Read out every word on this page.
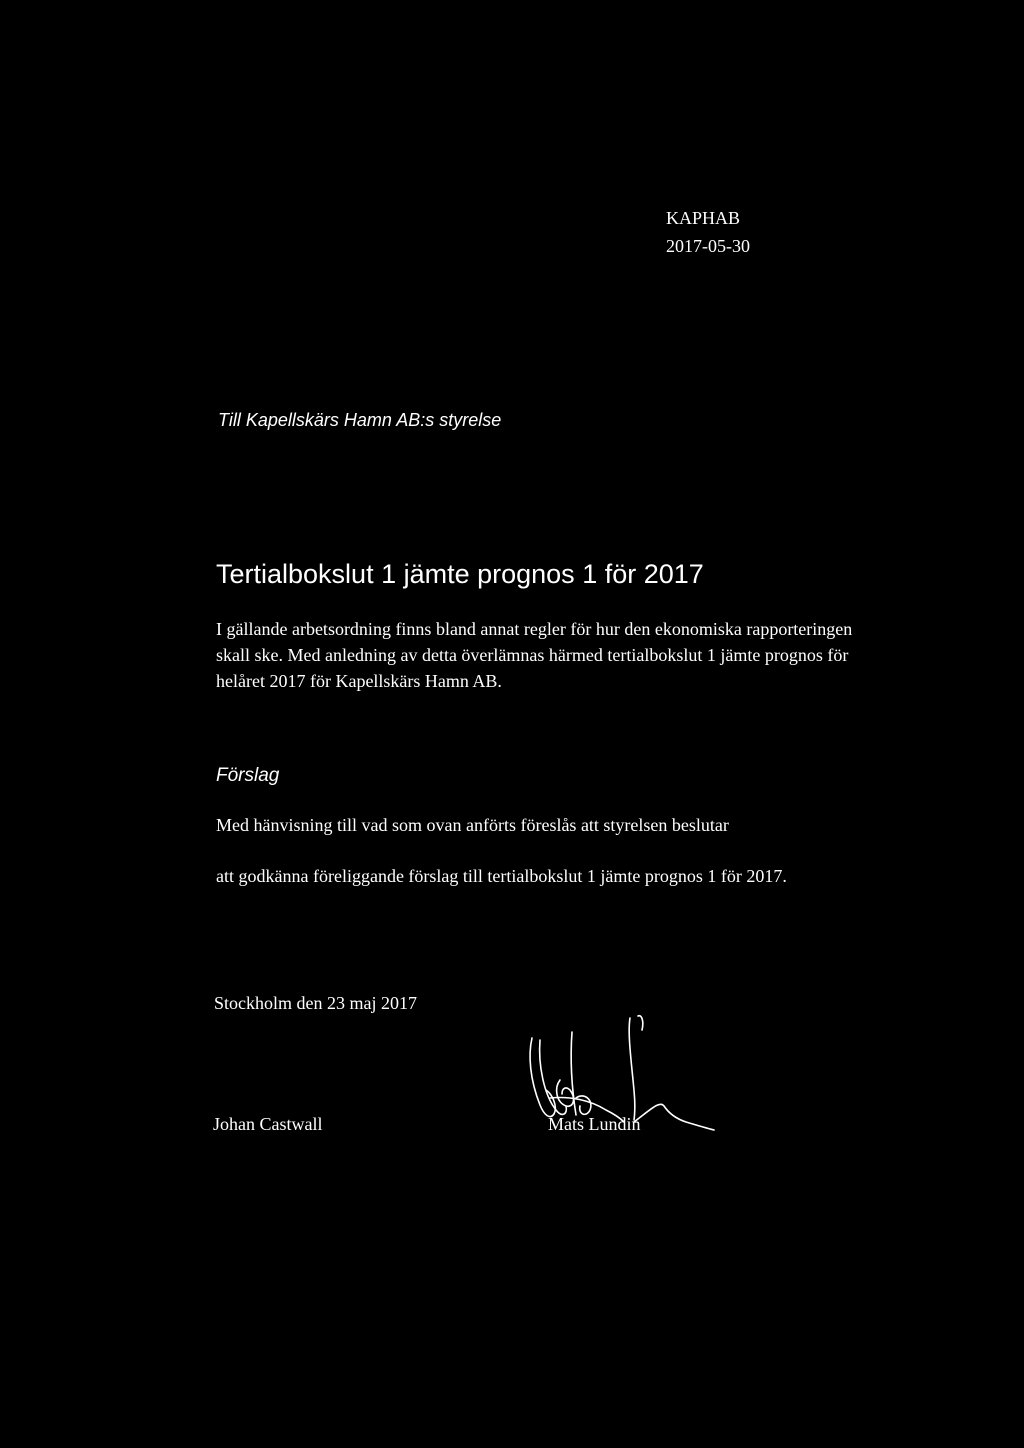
KAPHAB
2017-05-30
Till Kapellskärs Hamn AB:s styrelse
Tertialbokslut 1 jämte prognos 1 för 2017
I gällande arbetsordning finns bland annat regler för hur den ekonomiska rapporteringen
skall ske. Med anledning av detta överlämnas härmed tertialbokslut 1 jämte prognos för
helåret 2017 för Kapellskärs Hamn AB.
Förslag
Med hänvisning till vad som ovan anförts föreslås att styrelsen beslutar
att godkänna föreliggande förslag till tertialbokslut 1 jämte prognos 1 för 2017.
Stockholm den 23 maj 2017
Johan Castwall	Mats Lundin
